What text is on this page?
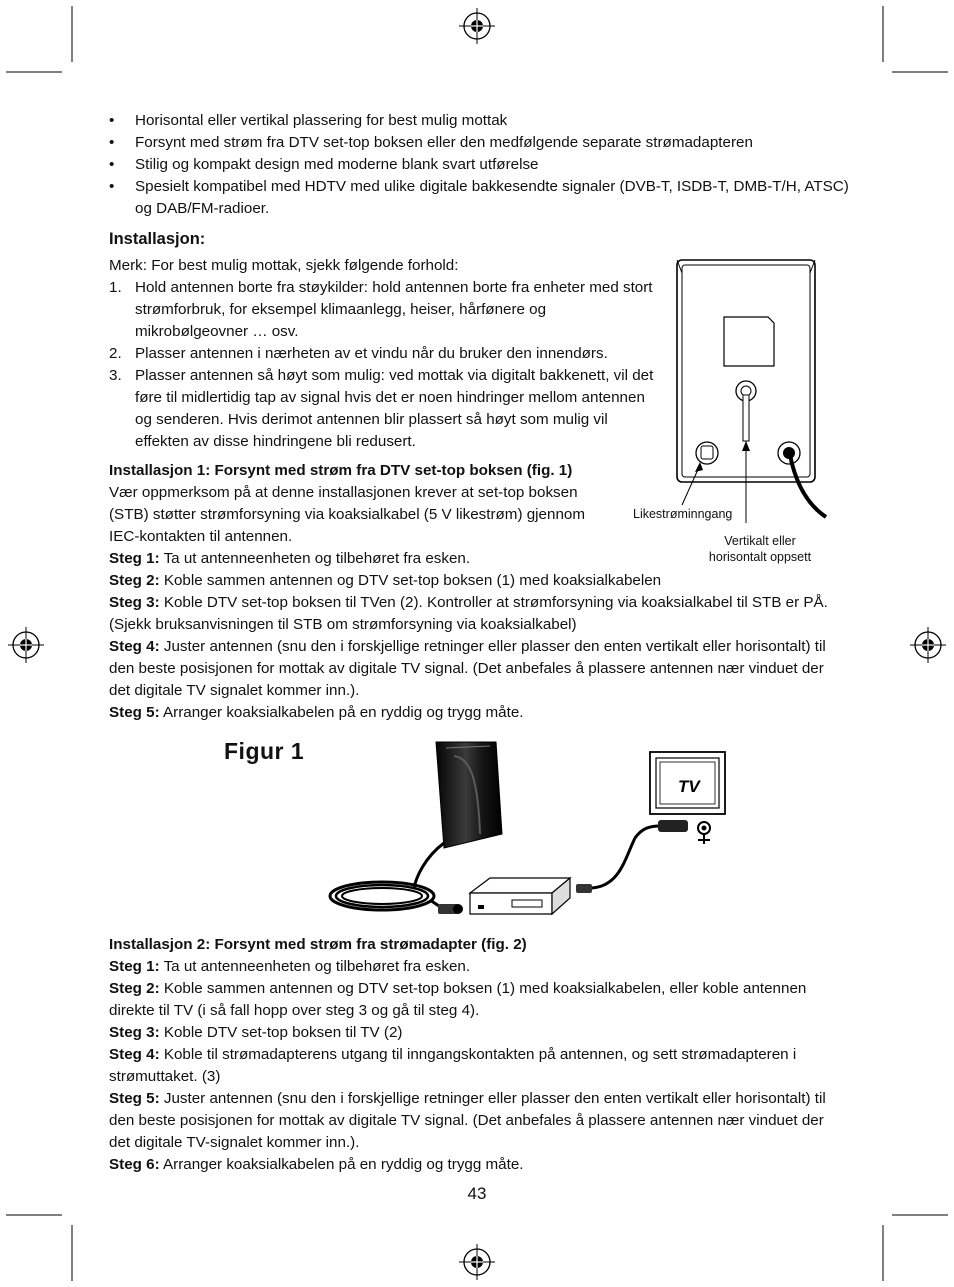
• Horisontal eller vertikal plassering for best mulig mottak
• Forsynt med strøm fra DTV set-top boksen eller den medfølgende separate strømadapteren
• Stilig og kompakt design med moderne blank svart utførelse
• Spesielt kompatibel med HDTV med ulike digitale bakkesendte signaler (DVB-T, ISDB-T, DMB-T/H, ATSC) og DAB/FM-radioer.
Installasjon:
Merk: For best mulig mottak, sjekk følgende forhold:
1. Hold antennen borte fra støykilder: hold antennen borte fra enheter med stort strømforbruk, for eksempel klimaanlegg, heiser, hårfønere og mikrobølgeovner … osv.
2. Plasser antennen i nærheten av et vindu når du bruker den innendørs.
3. Plasser antennen så høyt som mulig: ved mottak via digitalt bakkenett, vil det føre til midlertidig tap av signal hvis det er noen hindringer mellom antennen og senderen. Hvis derimot antennen blir plassert så høyt som mulig vil effekten av disse hindringene bli redusert.
Likestrøminngang
Vertikalt eller
horisontalt oppsett
Installasjon 1: Forsynt med strøm fra DTV set-top boksen (fig. 1)
Vær oppmerksom på at denne installasjonen krever at set-top boksen
(STB) støtter strømforsyning via koaksialkabel (5 V likestrøm) gjennom
IEC-kontakten til antennen.
Steg 1: Ta ut antenneenheten og tilbehøret fra esken.
Steg 2: Koble sammen antennen og DTV set-top boksen (1) med koaksialkabelen
Steg 3: Koble DTV set-top boksen til TVen (2). Kontroller at strømforsyning via koaksialkabel til STB er PÅ. (Sjekk bruksanvisningen til STB om strømforsyning via koaksialkabel)
Steg 4: Juster antennen (snu den i forskjellige retninger eller plasser den enten vertikalt eller horisontalt) til den beste posisjonen for mottak av digitale TV signal. (Det anbefales å plassere antennen nær vinduet der det digitale TV signalet kommer inn.).
Steg 5: Arranger koaksialkabelen på en ryddig og trygg måte.
Figur 1
TV
Installasjon 2: Forsynt med strøm fra strømadapter (fig. 2)
Steg 1: Ta ut antenneenheten og tilbehøret fra esken.
Steg 2: Koble sammen antennen og DTV set-top boksen (1) med koaksialkabelen, eller koble antennen direkte til TV (i så fall hopp over steg 3 og gå til steg 4).
Steg 3: Koble DTV set-top boksen til TV (2)
Steg 4: Koble til strømadapterens utgang til inngangskontakten på antennen, og sett strømadapteren i strømuttaket. (3)
Steg 5: Juster antennen (snu den i forskjellige retninger eller plasser den enten vertikalt eller horisontalt) til den beste posisjonen for mottak av digitale TV signal. (Det anbefales å plassere antennen nær vinduet der det digitale TV-signalet kommer inn.).
Steg 6: Arranger koaksialkabelen på en ryddig og trygg måte.
43
